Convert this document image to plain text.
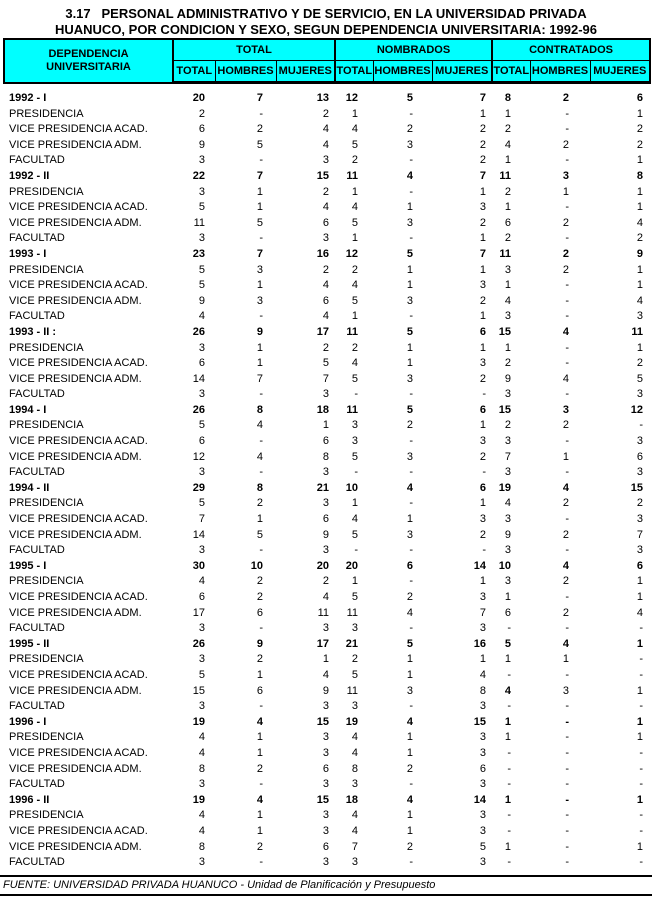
3.17   PERSONAL ADMINISTRATIVO Y DE SERVICIO, EN LA UNIVERSIDAD PRIVADA
HUANUCO, POR CONDICION Y SEXO, SEGUN DEPENDENCIA UNIVERSITARIA: 1992-96
DEPENDENCIA
UNIVERSITARIA	TOTAL			NOMBRADOS			CONTRATADOS		
	TOTAL	HOMBRES	MUJERES	TOTAL	HOMBRES	MUJERES	TOTAL	HOMBRES	MUJERES
1992 - I	20	7	13	12	5	7	8	2	6
PRESIDENCIA	2	-	2	1	-	1	1	-	1
VICE PRESIDENCIA ACAD.	6	2	4	4	2	2	2	-	2
VICE PRESIDENCIA ADM.	9	5	4	5	3	2	4	2	2
FACULTAD	3	-	3	2	-	2	1	-	1
1992 - II	22	7	15	11	4	7	11	3	8
PRESIDENCIA	3	1	2	1	-	1	2	1	1
VICE PRESIDENCIA ACAD.	5	1	4	4	1	3	1	-	1
VICE PRESIDENCIA ADM.	11	5	6	5	3	2	6	2	4
FACULTAD	3	-	3	1	-	1	2	-	2
1993 - I	23	7	16	12	5	7	11	2	9
PRESIDENCIA	5	3	2	2	1	1	3	2	1
VICE PRESIDENCIA ACAD.	5	1	4	4	1	3	1	-	1
VICE PRESIDENCIA ADM.	9	3	6	5	3	2	4	-	4
FACULTAD	4	-	4	1	-	1	3	-	3
1993 - II :	26	9	17	11	5	6	15	4	11
PRESIDENCIA	3	1	2	2	1	1	1	-	1
VICE PRESIDENCIA ACAD.	6	1	5	4	1	3	2	-	2
VICE PRESIDENCIA ADM.	14	7	7	5	3	2	9	4	5
FACULTAD	3	-	3	-	-	-	3	-	3
1994 - I	26	8	18	11	5	6	15	3	12
PRESIDENCIA	5	4	1	3	2	1	2	2	-
VICE PRESIDENCIA ACAD.	6	-	6	3	-	3	3	-	3
VICE PRESIDENCIA ADM.	12	4	8	5	3	2	7	1	6
FACULTAD	3	-	3	-	-	-	3	-	3
1994 - II	29	8	21	10	4	6	19	4	15
PRESIDENCIA	5	2	3	1	-	1	4	2	2
VICE PRESIDENCIA ACAD.	7	1	6	4	1	3	3	-	3
VICE PRESIDENCIA ADM.	14	5	9	5	3	2	9	2	7
FACULTAD	3	-	3	-	-	-	3	-	3
1995 - I	30	10	20	20	6	14	10	4	6
PRESIDENCIA	4	2	2	1	-	1	3	2	1
VICE PRESIDENCIA ACAD.	6	2	4	5	2	3	1	-	1
VICE PRESIDENCIA ADM.	17	6	11	11	4	7	6	2	4
FACULTAD	3	-	3	3	-	3	-	-	-
1995 - II	26	9	17	21	5	16	5	4	1
PRESIDENCIA	3	2	1	2	1	1	1	1	-
VICE PRESIDENCIA ACAD.	5	1	4	5	1	4	-	-	-
VICE PRESIDENCIA ADM.	15	6	9	11	3	8	4	3	1
FACULTAD	3	-	3	3	-	3	-	-	-
1996 - I	19	4	15	19	4	15	1	-	1
PRESIDENCIA	4	1	3	4	1	3	1	-	1
VICE PRESIDENCIA ACAD.	4	1	3	4	1	3	-	-	-
VICE PRESIDENCIA ADM.	8	2	6	8	2	6	-	-	-
FACULTAD	3	-	3	3	-	3	-	-	-
1996 - II	19	4	15	18	4	14	1	-	1
PRESIDENCIA	4	1	3	4	1	3	-	-	-
VICE PRESIDENCIA ACAD.	4	1	3	4	1	3	-	-	-
VICE PRESIDENCIA ADM.	8	2	6	7	2	5	1	-	1
FACULTAD	3	-	3	3	-	3	-	-	-
FUENTE: UNIVERSIDAD PRIVADA HUANUCO - Unidad de Planificación y Presupuesto
